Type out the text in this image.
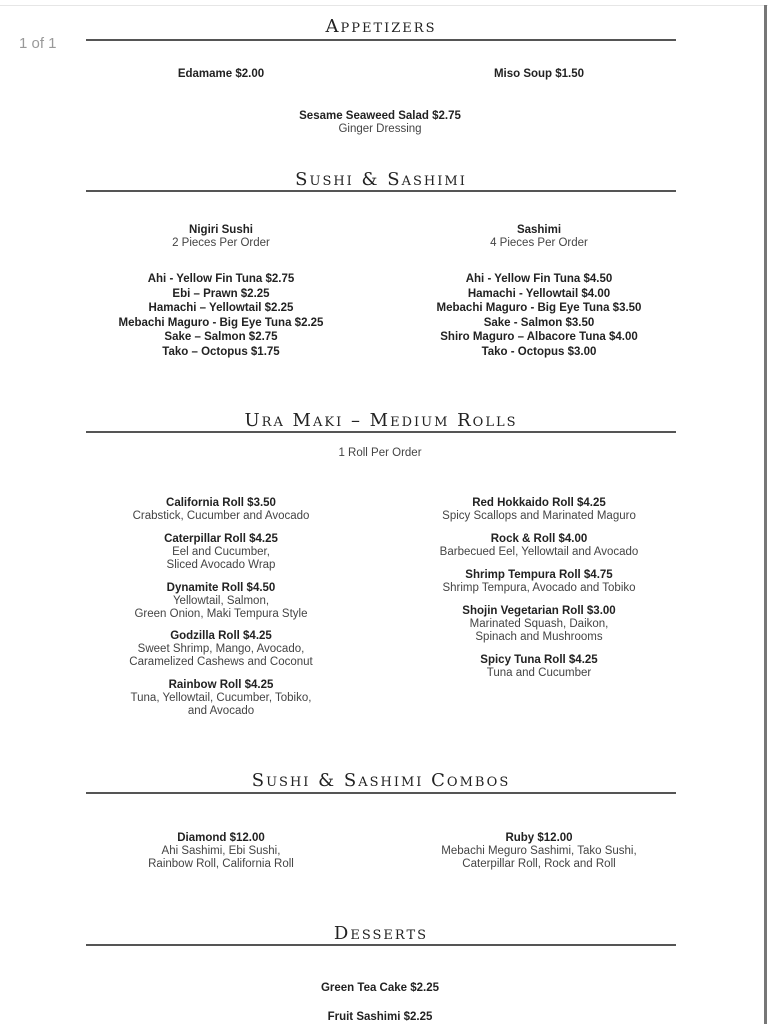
1 of 1
Appetizers
Edamame $2.00	Miso Soup $1.50
Sesame Seaweed Salad $2.75
Ginger Dressing
Sushi & Sashimi
Nigiri Sushi
2 Pieces Per Order
Ahi - Yellow Fin Tuna $2.75
Ebi – Prawn $2.25
Hamachi – Yellowtail $2.25
Mebachi Maguro - Big Eye Tuna $2.25
Sake – Salmon $2.75
Tako – Octopus $1.75
Sashimi
4 Pieces Per Order
Ahi - Yellow Fin Tuna $4.50
Hamachi - Yellowtail $4.00
Mebachi Maguro - Big Eye Tuna $3.50
Sake - Salmon $3.50
Shiro Maguro – Albacore Tuna $4.00
Tako - Octopus $3.00
Ura Maki – Medium Rolls
1 Roll Per Order
California Roll $3.50
Crabstick, Cucumber and Avocado
Caterpillar Roll $4.25
Eel and Cucumber,
Sliced Avocado Wrap
Dynamite Roll $4.50
Yellowtail, Salmon,
Green Onion, Maki Tempura Style
Godzilla Roll $4.25
Sweet Shrimp, Mango, Avocado,
Caramelized Cashews and Coconut
Rainbow Roll $4.25
Tuna, Yellowtail, Cucumber, Tobiko,
and Avocado
Red Hokkaido Roll $4.25
Spicy Scallops and Marinated Maguro
Rock & Roll $4.00
Barbecued Eel, Yellowtail and Avocado
Shrimp Tempura Roll $4.75
Shrimp Tempura, Avocado and Tobiko
Shojin Vegetarian Roll $3.00
Marinated Squash, Daikon,
Spinach and Mushrooms
Spicy Tuna Roll $4.25
Tuna and Cucumber
Sushi & Sashimi Combos
Diamond $12.00
Ahi Sashimi, Ebi Sushi,
Rainbow Roll, California Roll
Ruby $12.00
Mebachi Meguro Sashimi, Tako Sushi,
Caterpillar Roll, Rock and Roll
Desserts
Green Tea Cake $2.25
Fruit Sashimi $2.25
